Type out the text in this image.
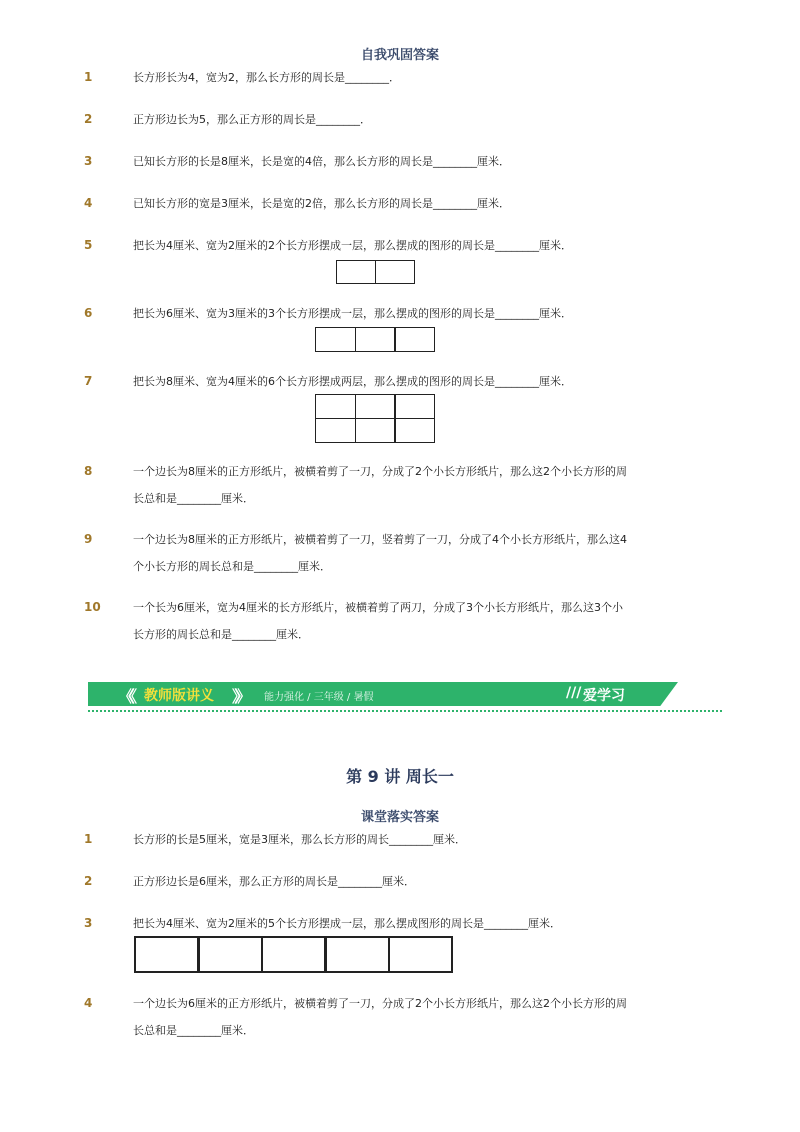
自我巩固答案
1	长方形长为4，宽为2，那么长方形的周长是________．
2	正方形边长为5，那么正方形的周长是________．
3	已知长方形的长是8厘米，长是宽的4倍，那么长方形的周长是________厘米．
4	已知长方形的宽是3厘米，长是宽的2倍，那么长方形的周长是________厘米．
5	把长为4厘米、宽为2厘米的2个长方形摆成一层，那么摆成的图形的周长是________厘米．
6	把长为6厘米、宽为3厘米的3个长方形摆成一层，那么摆成的图形的周长是________厘米．
7	把长为8厘米、宽为4厘米的6个长方形摆成两层，那么摆成的图形的周长是________厘米．
8	一个边长为8厘米的正方形纸片，被横着剪了一刀，分成了2个小长方形纸片，那么这2个小长方形的周长总和是________厘米．
9	一个边长为8厘米的正方形纸片，被横着剪了一刀，竖着剪了一刀，分成了4个小长方形纸片，那么这4个小长方形的周长总和是________厘米．
10	一个长为6厘米，宽为4厘米的长方形纸片，被横着剪了两刀，分成了3个小长方形纸片，那么这3个小长方形的周长总和是________厘米．
《《 教师版讲义 》》 能力强化 / 三年级 / 暑假	/// 爱学习
第 9 讲 周长一
课堂落实答案
1	长方形的长是5厘米，宽是3厘米，那么长方形的周长________厘米．
2	正方形边长是6厘米，那么正方形的周长是________厘米．
3	把长为4厘米、宽为2厘米的5个长方形摆成一层，那么摆成图形的周长是________厘米．
4	一个边长为6厘米的正方形纸片，被横着剪了一刀，分成了2个小长方形纸片，那么这2个小长方形的周长总和是________厘米．
